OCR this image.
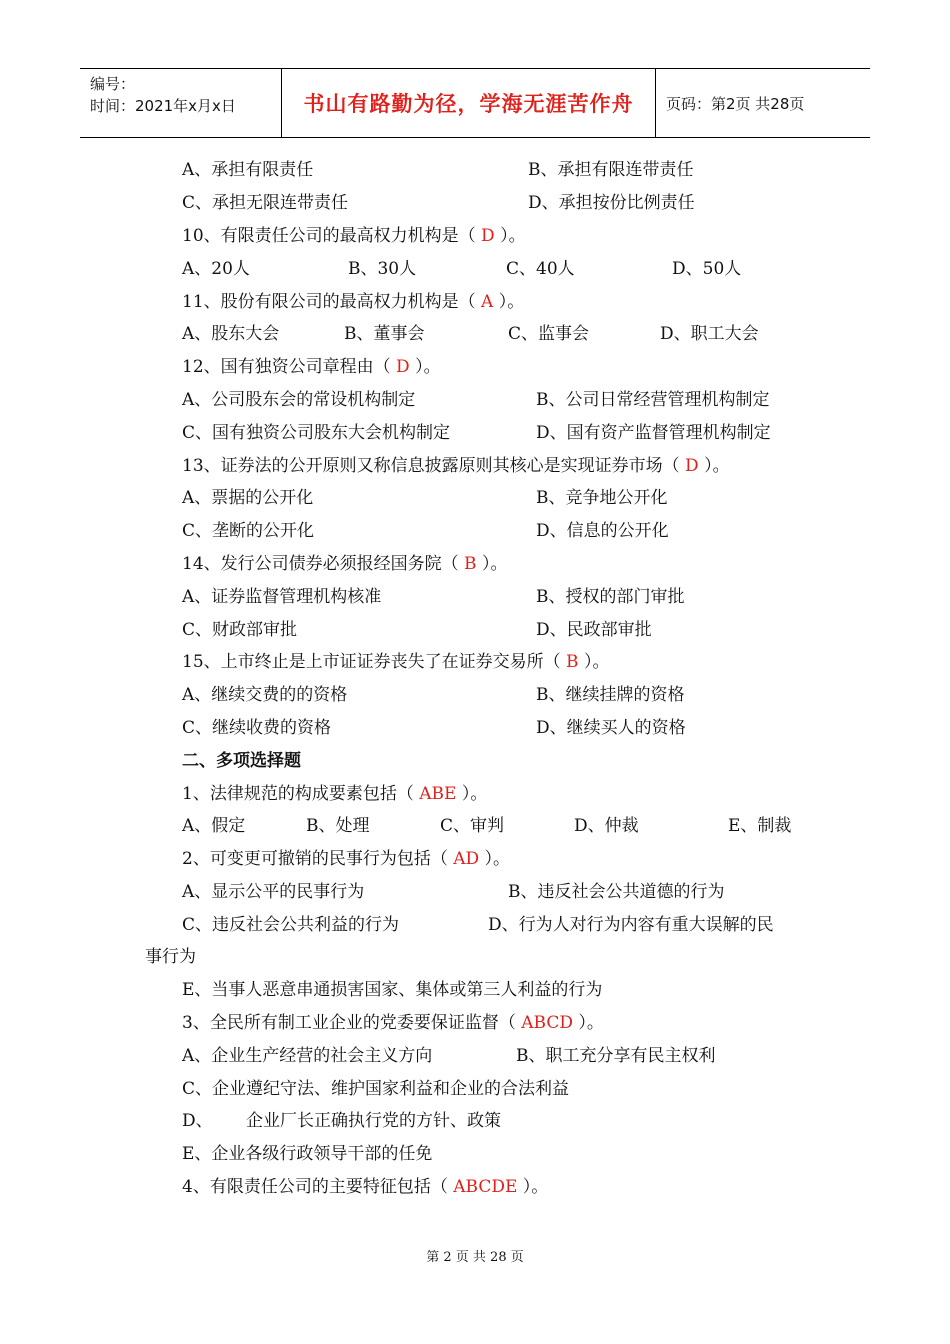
编号：
时间：2021年x月x日	书山有路勤为径，学海无涯苦作舟 页码：第2页 共28页
A、承担有限责任	B、承担有限连带责任
C、承担无限连带责任	D、承担按份比例责任
10、有限责任公司的最高权力机构是（ D ）。
A、20人	B、30人	C、40人	D、50人
11、股份有限公司的最高权力机构是（ A ）。
A、股东大会	B、董事会	C、监事会	D、职工大会
12、国有独资公司章程由（ D ）。
A、公司股东会的常设机构制定	B、公司日常经营管理机构制定
C、国有独资公司股东大会机构制定	D、国有资产监督管理机构制定
13、证券法的公开原则又称信息披露原则其核心是实现证券市场（ D ）。
A、票据的公开化	B、竞争地公开化
C、垄断的公开化	D、信息的公开化
14、发行公司债券必须报经国务院（ B ）。
A、证券监督管理机构核准	B、授权的部门审批
C、财政部审批	D、民政部审批
15、上市终止是上市证证券丧失了在证券交易所（ B ）。
A、继续交费的的资格	B、继续挂牌的资格
C、继续收费的资格	D、继续买人的资格
二、多项选择题
1、法律规范的构成要素包括（ ABE ）。
A、假定	B、处理	C、审判	D、仲裁	E、制裁
2、可变更可撤销的民事行为包括（ AD ）。
A、显示公平的民事行为	B、违反社会公共道德的行为
C、违反社会公共利益的行为	D、行为人对行为内容有重大误解的民
事行为
E、当事人恶意串通损害国家、集体或第三人利益的行为
3、全民所有制工业企业的党委要保证监督（ ABCD ）。
A、企业生产经营的社会主义方向	B、职工充分享有民主权利
C、企业遵纪守法、维护国家利益和企业的合法利益
D、 企业厂长正确执行党的方针、政策
E、企业各级行政领导干部的任免
4、有限责任公司的主要特征包括（ ABCDE ）。
第 2 页 共 28 页
